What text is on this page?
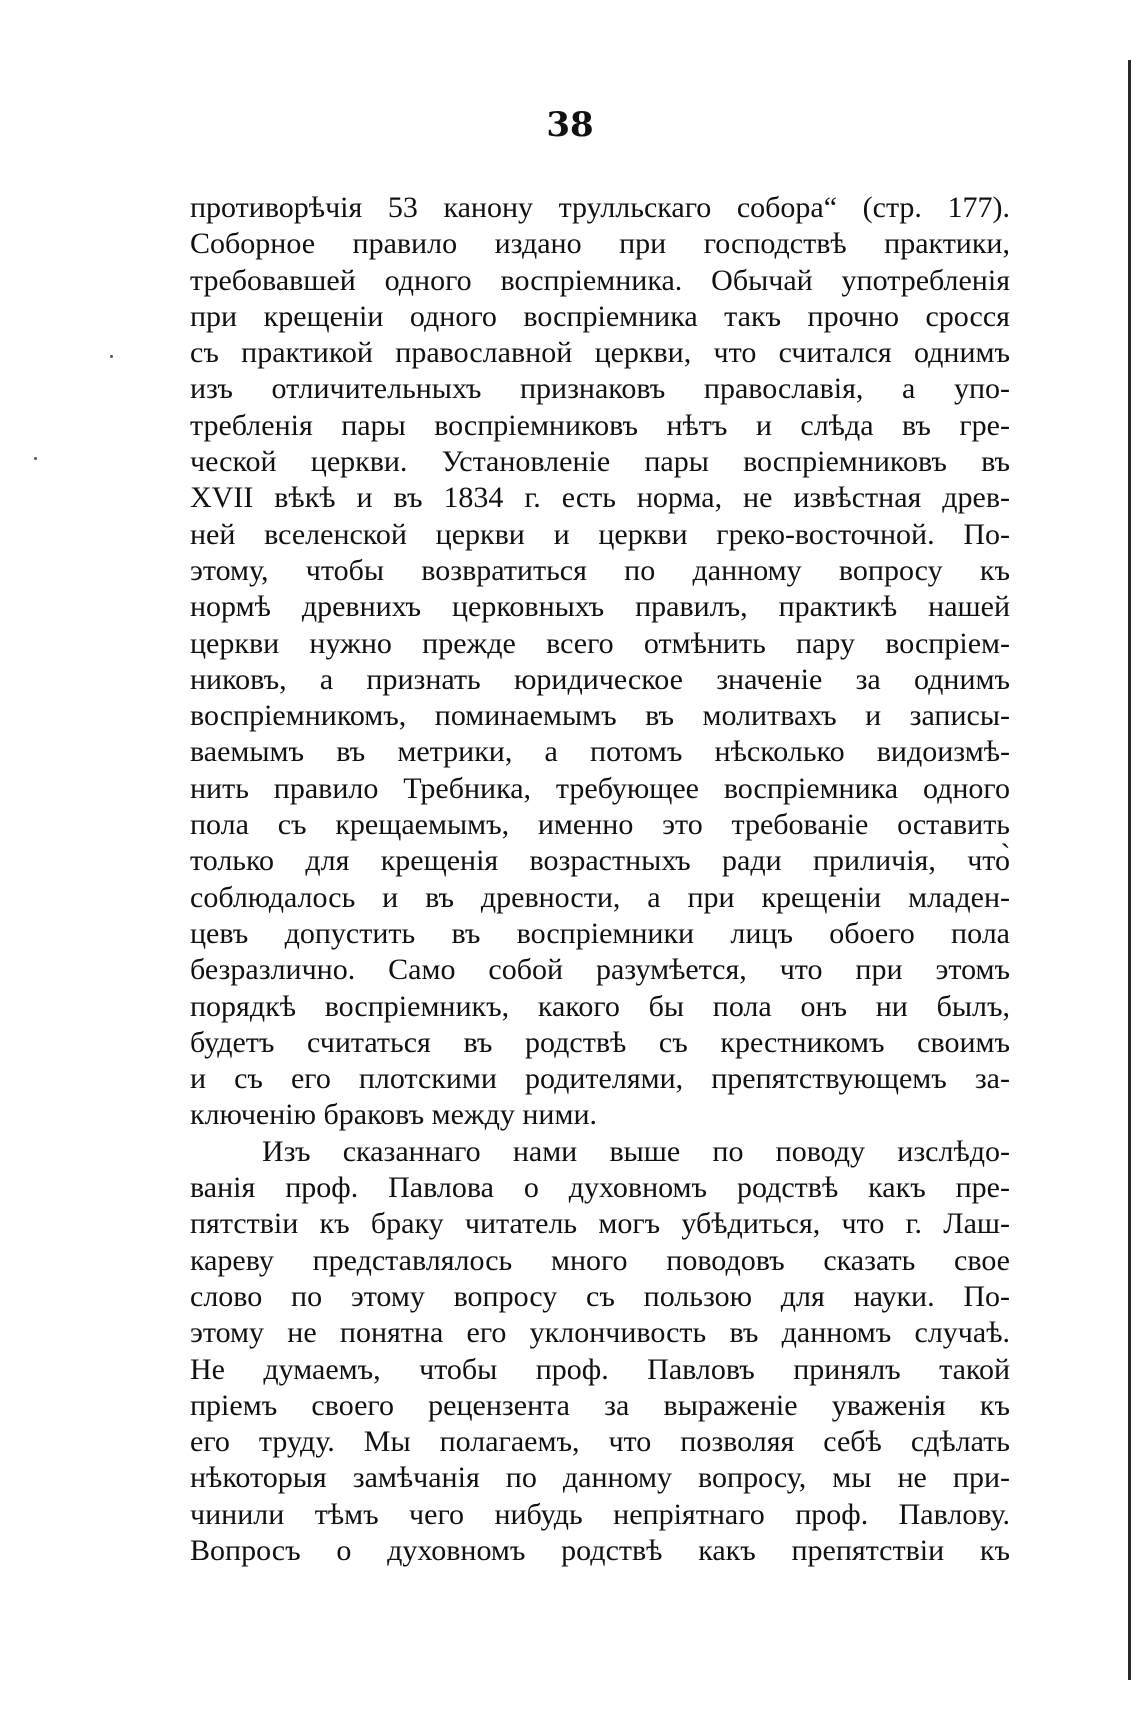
38
противорѣчія 53 канону трулльскаго собора“ (стр. 177).
Соборное правило издано при господствѣ практики,
требовавшей одного воспріемника. Обычай употребленія
при крещеніи одного воспріемника такъ прочно сросся
съ практикой православной церкви, что считался однимъ
изъ отличительныхъ признаковъ православія, а упо-
требленія пары воспріемниковъ нѣтъ и слѣда въ гре-
ческой церкви. Установленіе пары воспріемниковъ въ
XVII вѣкѣ и въ 1834 г. есть норма, не извѣстная древ-
ней вселенской церкви и церкви греко-восточной. По-
этому, чтобы возвратиться по данному вопросу къ
нормѣ древнихъ церковныхъ правилъ, практикѣ нашей
церкви нужно прежде всего отмѣнить пару воспріем-
никовъ, а признать юридическое значеніе за однимъ
воспріемникомъ, поминаемымъ въ молитвахъ и записы-
ваемымъ въ метрики, а потомъ нѣсколько видоизмѣ-
нить правило Требника, требующее воспріемника одного
пола съ крещаемымъ, именно это требованіе оставить
только для крещенія возрастныхъ ради приличія, что̀
соблюдалось и въ древности, а при крещеніи младен-
цевъ допустить въ воспріемники лицъ обоего пола
безразлично. Само собой разумѣется, что при этомъ
порядкѣ воспріемникъ, какого бы пола онъ ни былъ,
будетъ считаться въ родствѣ съ крестникомъ своимъ
и съ его плотскими родителями, препятствующемъ за-
ключенію браковъ между ними.
Изъ сказаннаго нами выше по поводу изслѣдо-
ванія проф. Павлова о духовномъ родствѣ какъ пре-
пятствіи къ браку читатель могъ убѣдиться, что г. Лаш-
кареву представлялось много поводовъ сказать свое
слово по этому вопросу съ пользою для науки. По-
этому не понятна его уклончивость въ данномъ случаѣ.
Не думаемъ, чтобы проф. Павловъ принялъ такой
пріемъ своего рецензента за выраженіе уваженія къ
его труду. Мы полагаемъ, что позволяя себѣ сдѣлать
нѣкоторыя замѣчанія по данному вопросу, мы не при-
чинили тѣмъ чего нибудь непріятнаго проф. Павлову.
Вопросъ о духовномъ родствѣ какъ препятствіи къ
